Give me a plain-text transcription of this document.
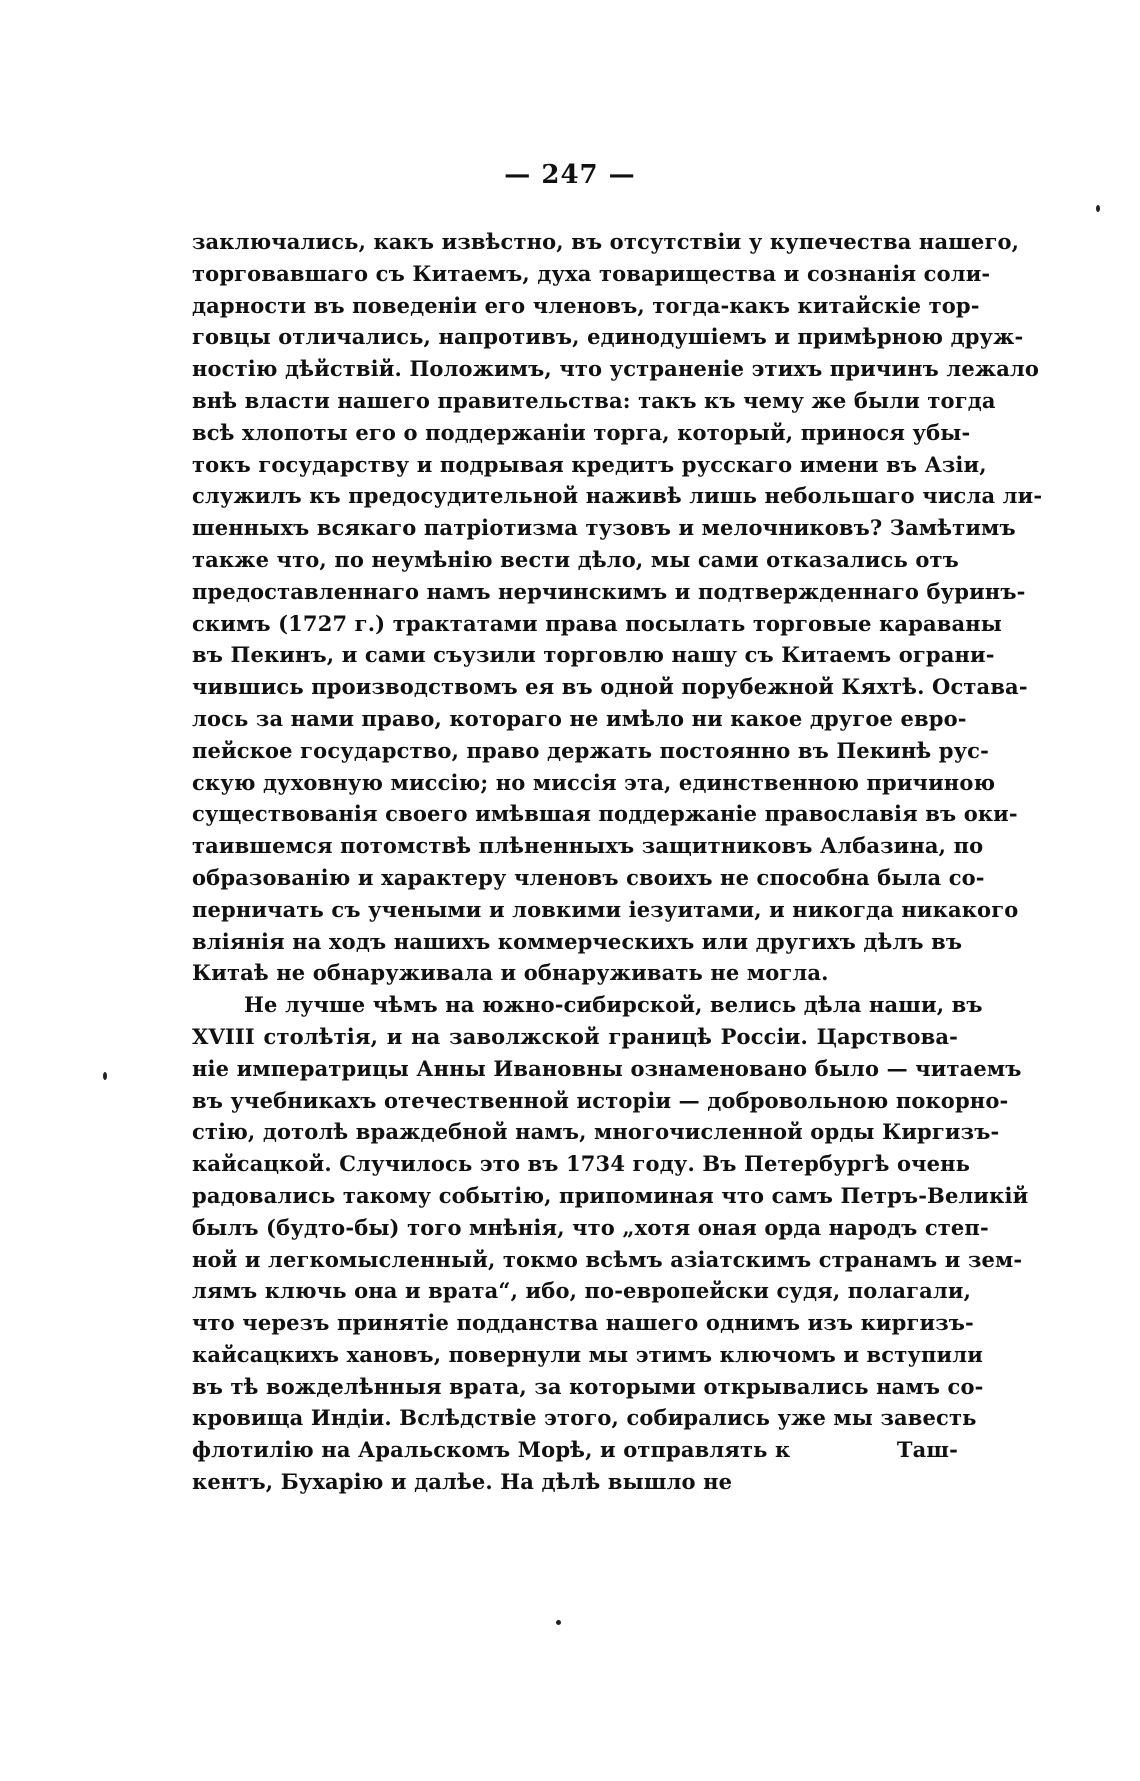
— 247 —
заключались, какъ извѣстно, въ отсутствіи у купечества нашего,
торговавшаго съ Китаемъ, духа товарищества и сознанія соли-
дарности въ поведеніи его членовъ, тогда-какъ китайскіе тор-
говцы отличались, напротивъ, единодушіемъ и примѣрною друж-
ностію дѣйствій. Положимъ, что устраненіе этихъ причинъ лежало
внѣ власти нашего правительства: такъ къ чему же были тогда
всѣ хлопоты его о поддержаніи торга, который, принося убы-
токъ государству и подрывая кредитъ русскаго имени въ Азіи,
служилъ къ предосудительной наживѣ лишь небольшаго числа ли-
шенныхъ всякаго патріотизма тузовъ и мелочниковъ? Замѣтимъ
также что, по неумѣнію вести дѣло, мы сами отказались отъ
предоставленнаго намъ нерчинскимъ и подтвержденнаго буринъ-
скимъ (1727 г.) трактатами права посылать торговые караваны
въ Пекинъ, и сами съузили торговлю нашу съ Китаемъ ограни-
чившись производствомъ ея въ одной порубежной Кяхтѣ. Остава-
лось за нами право, котораго не имѣло ни какое другое евро-
пейское государство, право держать постоянно въ Пекинѣ рус-
скую духовную миссію; но миссія эта, единственною причиною
существованія своего имѣвшая поддержаніе православія въ оки-
таившемся потомствѣ плѣненныхъ защитниковъ Албазина, по
образованію и характеру членовъ своихъ не способна была со-
перничать съ учеными и ловкими іезуитами, и никогда никакого
вліянія на ходъ нашихъ коммерческихъ или другихъ дѣлъ въ
Китаѣ не обнаруживала и обнаруживать не могла.
Не лучше чѣмъ на южно-сибирской, велись дѣла наши, въ
XVIII столѣтія, и на заволжской границѣ Россіи. Царствова-
ніе императрицы Анны Ивановны ознаменовано было — читаемъ
въ учебникахъ отечественной исторіи — добровольною покорно-
стію, дотолѣ враждебной намъ, многочисленной орды Киргизъ-
кайсацкой. Случилось это въ 1734 году. Въ Петербургѣ очень
радовались такому событію, припоминая что самъ Петръ-Великій
былъ (будто-бы) того мнѣнія, что „хотя оная орда народъ степ-
ной и легкомысленный, токмо всѣмъ азіатскимъ странамъ и зем-
лямъ ключь она и врата“, ибо, по-европейски судя, полагали,
что черезъ принятіе подданства нашего однимъ изъ киргизъ-
кайсацкихъ хановъ, повернули мы этимъ ключомъ и вступили
въ тѣ вожделѣнныя врата, за которыми открывались намъ со-
кровища Индіи. Вслѣдствіе этого, собирались уже мы завесть
флотилію на Аральскомъ Морѣ, и отправлять к	Таш-
кентъ, Бухарію и далѣе. На дѣлѣ вышло не
